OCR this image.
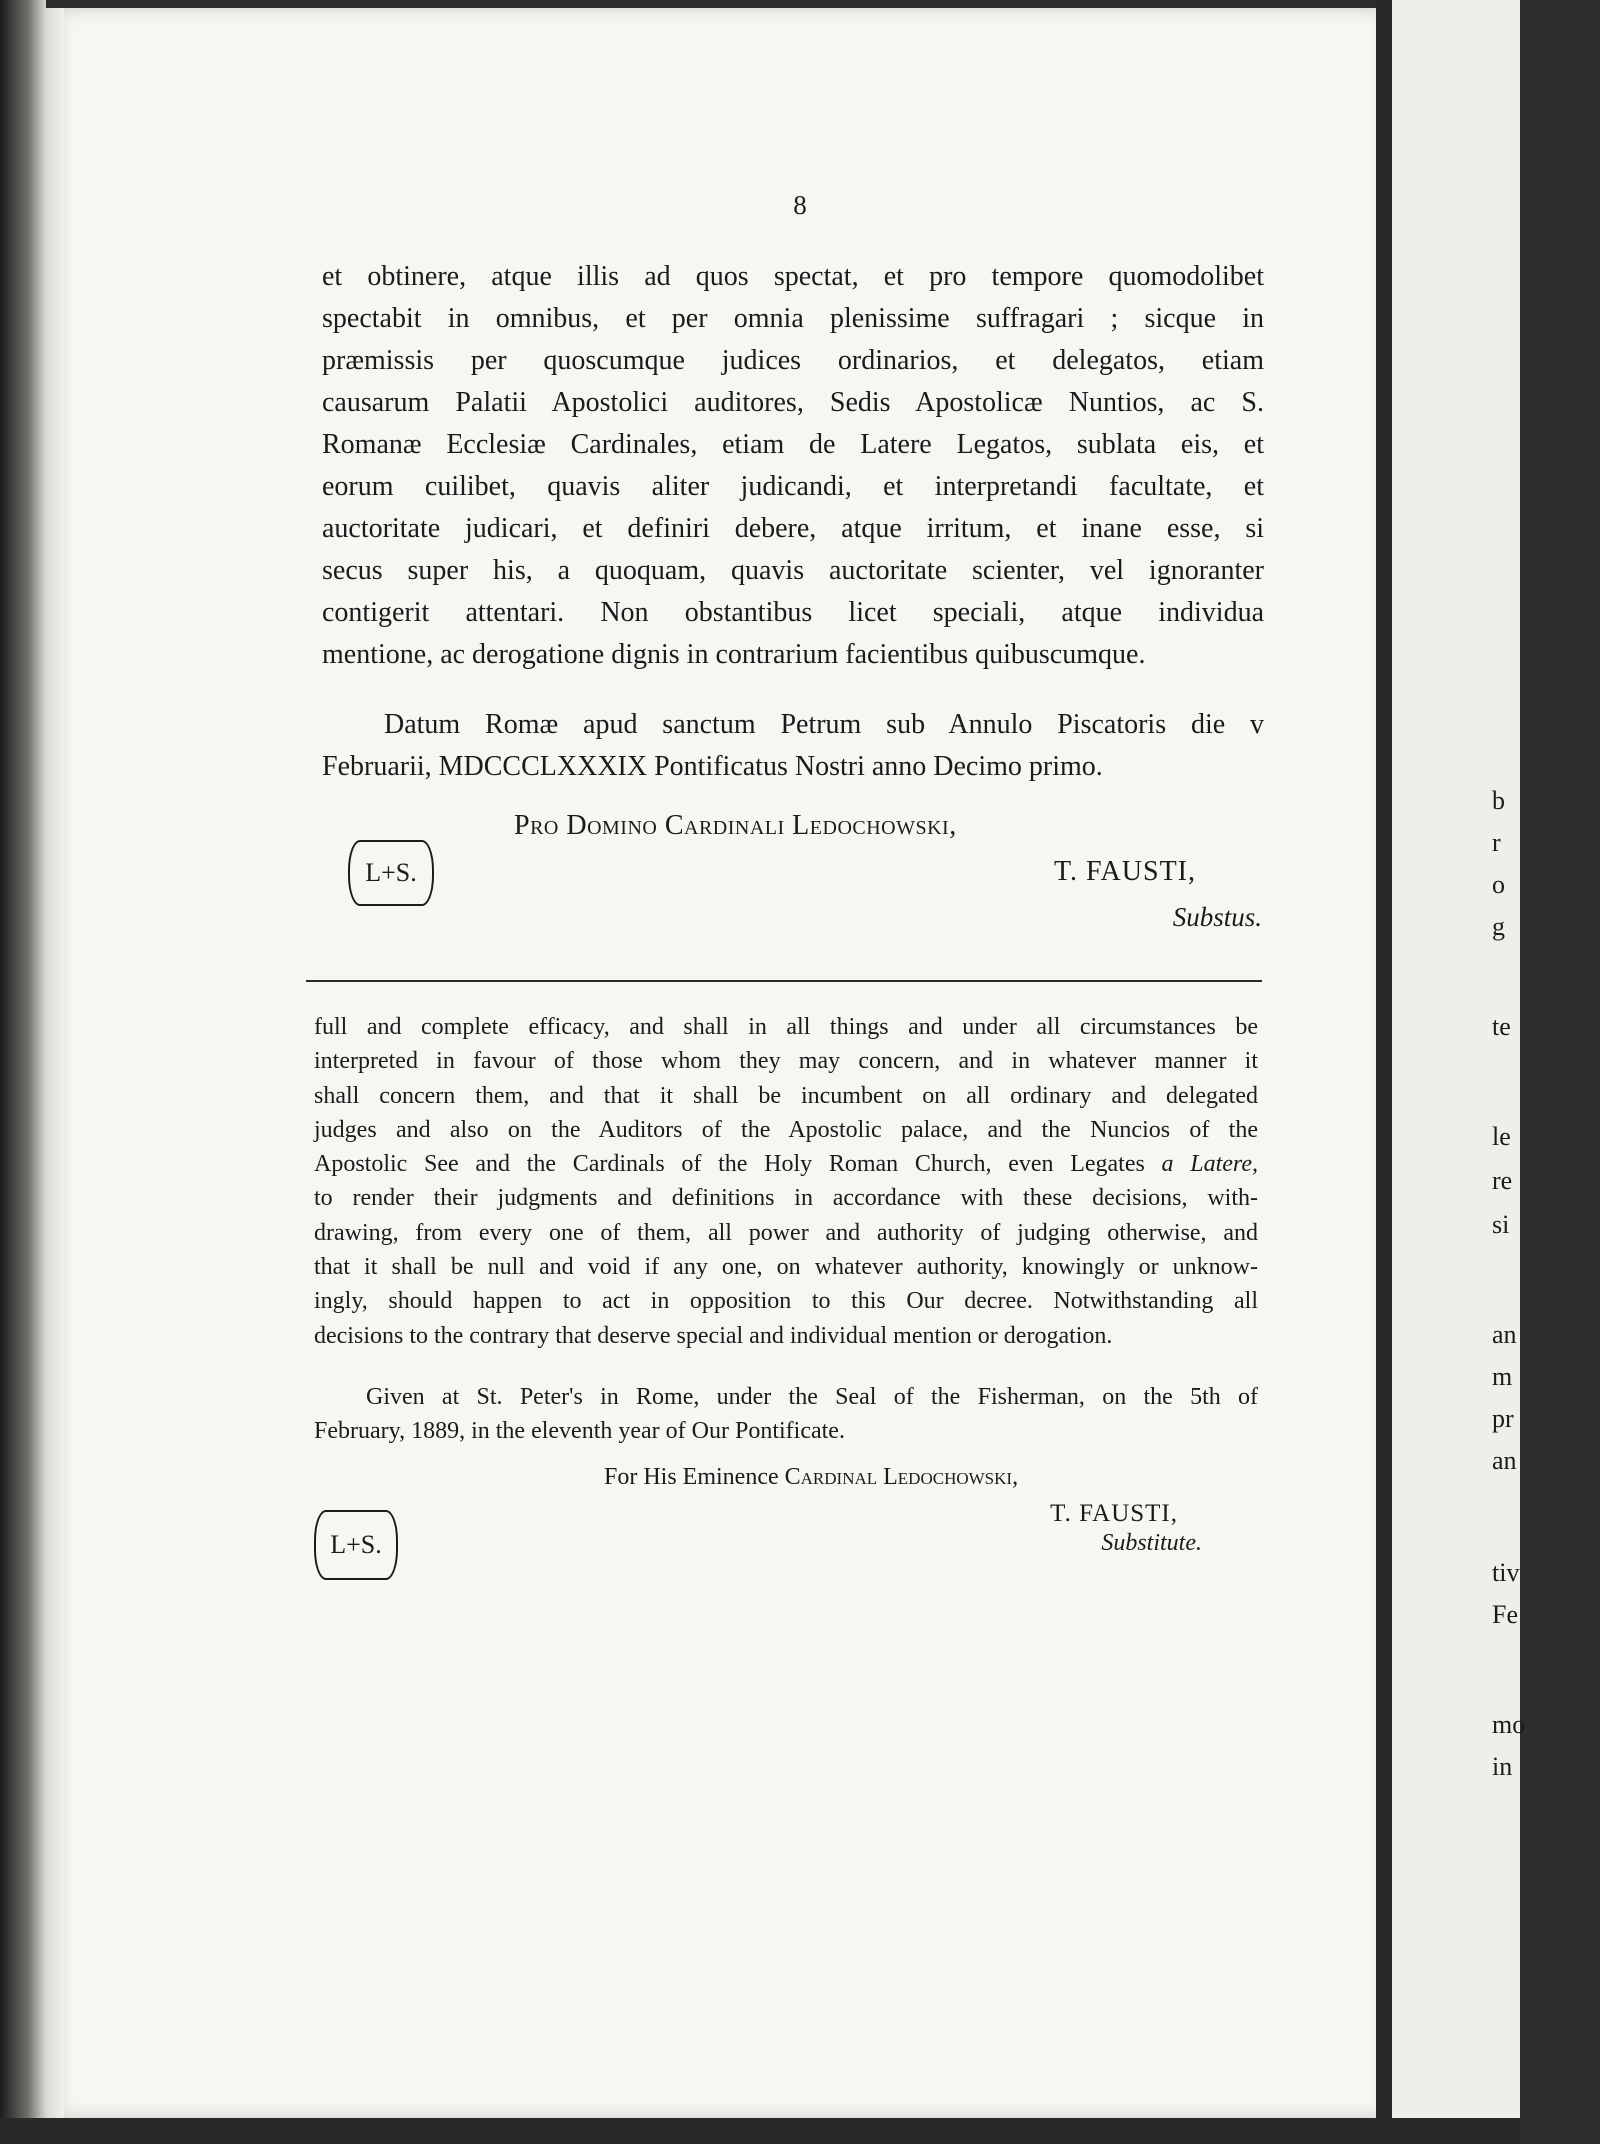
b
r
o
g
te
le
re
si
an
m
pr
an
tiv
Fe
mo
in
8
et obtinere, atque illis ad quos spectat, et pro tempore quomodolibet
spectabit in omnibus, et per omnia plenissime suffragari ; sicque in
præmissis per quoscumque judices ordinarios, et delegatos, etiam
causarum Palatii Apostolici auditores, Sedis Apostolicæ Nuntios, ac S.
Romanæ Ecclesiæ Cardinales, etiam de Latere Legatos, sublata eis, et
eorum cuilibet, quavis aliter judicandi, et interpretandi facultate, et
auctoritate judicari, et definiri debere, atque irritum, et inane esse, si
secus super his, a quoquam, quavis auctoritate scienter, vel ignoranter
contigerit attentari. Non obstantibus licet speciali, atque individua
mentione, ac derogatione dignis in contrarium facientibus quibuscumque.
Datum Romæ apud sanctum Petrum sub Annulo Piscatoris die v
Februarii, MDCCCLXXXIX Pontificatus Nostri anno Decimo primo.
Pro Domino Cardinali Ledochowski,
L+S.	T. FAUSTI,
Substus.
full and complete efficacy, and shall in all things and under all circumstances be
interpreted in favour of those whom they may concern, and in whatever manner it
shall concern them, and that it shall be incumbent on all ordinary and delegated
judges and also on the Auditors of the Apostolic palace, and the Nuncios of the
Apostolic See and the Cardinals of the Holy Roman Church, even Legates a Latere,
to render their judgments and definitions in accordance with these decisions, with-
drawing, from every one of them, all power and authority of judging otherwise, and
that it shall be null and void if any one, on whatever authority, knowingly or unknow-
ingly, should happen to act in opposition to this Our decree. Notwithstanding all
decisions to the contrary that deserve special and individual mention or derogation.
Given at St. Peter's in Rome, under the Seal of the Fisherman, on the 5th of
February, 1889, in the eleventh year of Our Pontificate.
For His Eminence Cardinal Ledochowski,
L+S.
T. FAUSTI,
Substitute.
